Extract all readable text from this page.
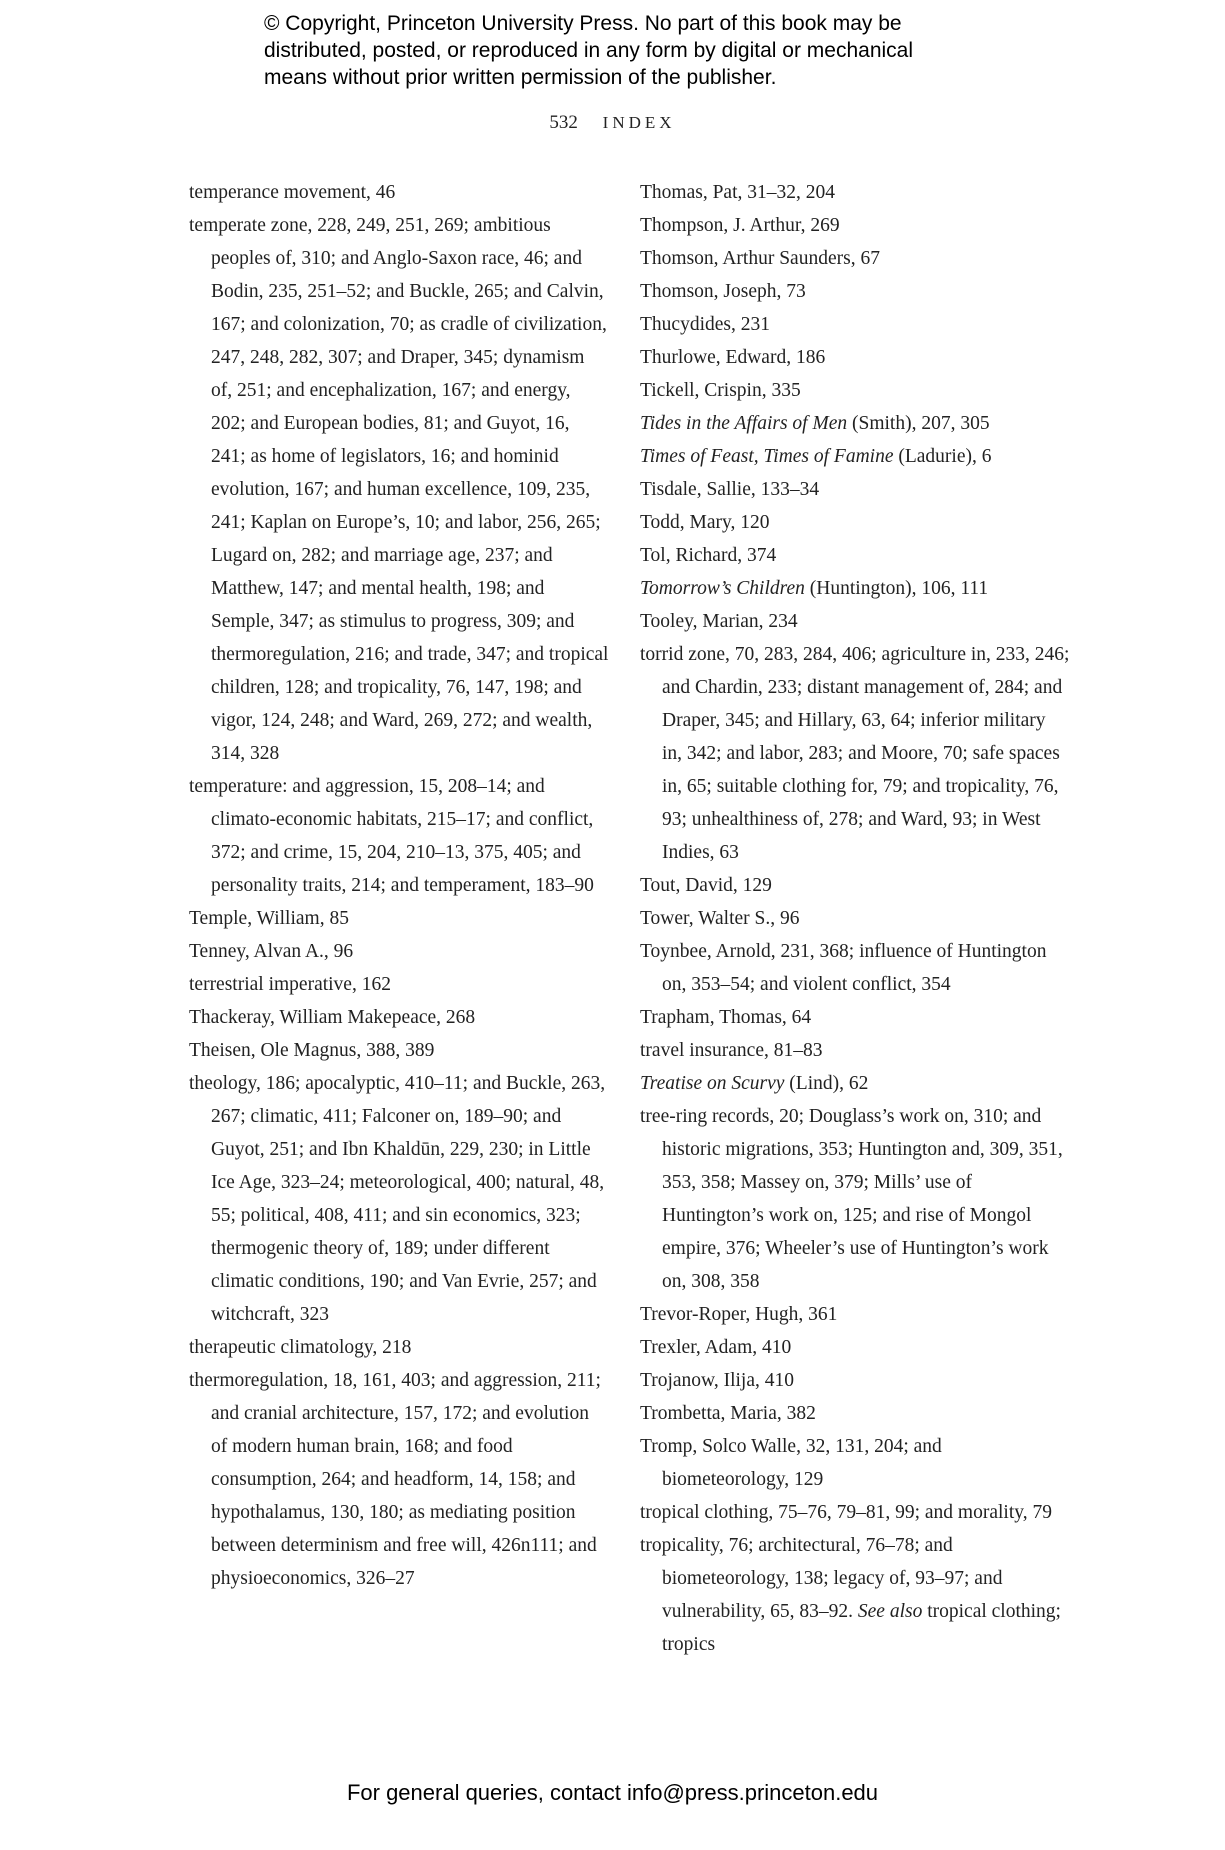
© Copyright, Princeton University Press. No part of this book may be
distributed, posted, or reproduced in any form by digital or mechanical
means without prior written permission of the publisher.
532 INDEX

temperance movement, 46

temperate zone, 228, 249, 251, 269; ambitious peoples of, 310; and Anglo-Saxon race, 46; and Bodin, 235, 251–52; and Buckle, 265; and Calvin, 167; and colonization, 70; as cradle of civilization, 247, 248, 282, 307; and Draper, 345; dynamism of, 251; and encephalization, 167; and energy, 202; and European bodies, 81; and Guyot, 16, 241; as home of legislators, 16; and hominid evolution, 167; and human excellence, 109, 235, 241; Kaplan on Europe’s, 10; and labor, 256, 265; Lugard on, 282; and marriage age, 237; and Matthew, 147; and mental health, 198; and Semple, 347; as stimulus to progress, 309; and thermoregulation, 216; and trade, 347; and tropical children, 128; and tropicality, 76, 147, 198; and vigor, 124, 248; and Ward, 269, 272; and wealth, 314, 328

temperature: and aggression, 15, 208–14; and climato-economic habitats, 215–17; and conflict, 372; and crime, 15, 204, 210–13, 375, 405; and personality traits, 214; and temperament, 183–90

Temple, William, 85

Tenney, Alvan A., 96

terrestrial imperative, 162

Thackeray, William Makepeace, 268

Theisen, Ole Magnus, 388, 389

theology, 186; apocalyptic, 410–11; and Buckle, 263, 267; climatic, 411; Falconer on, 189–90; and Guyot, 251; and Ibn Khaldūn, 229, 230; in Little Ice Age, 323–24; meteorological, 400; natural, 48, 55; political, 408, 411; and sin economics, 323; thermogenic theory of, 189; under different climatic conditions, 190; and Van Evrie, 257; and witchcraft, 323

therapeutic climatology, 218

thermoregulation, 18, 161, 403; and aggression, 211; and cranial architecture, 157, 172; and evolution of modern human brain, 168; and food consumption, 264; and headform, 14, 158; and hypothalamus, 130, 180; as mediating position between determinism and free will, 426n111; and physioeconomics, 326–27

Thomas, Pat, 31–32, 204

Thompson, J. Arthur, 269

Thomson, Arthur Saunders, 67

Thomson, Joseph, 73

Thucydides, 231

Thurlowe, Edward, 186

Tickell, Crispin, 335

Tides in the Affairs of Men (Smith), 207, 305

Times of Feast, Times of Famine (Ladurie), 6

Tisdale, Sallie, 133–34

Todd, Mary, 120

Tol, Richard, 374

Tomorrow’s Children (Huntington), 106, 111

Tooley, Marian, 234

torrid zone, 70, 283, 284, 406; agriculture in, 233, 246; and Chardin, 233; distant management of, 284; and Draper, 345; and Hillary, 63, 64; inferior military in, 342; and labor, 283; and Moore, 70; safe spaces in, 65; suitable clothing for, 79; and tropicality, 76, 93; unhealthiness of, 278; and Ward, 93; in West Indies, 63

Tout, David, 129

Tower, Walter S., 96

Toynbee, Arnold, 231, 368; influence of Huntington on, 353–54; and violent conflict, 354

Trapham, Thomas, 64

travel insurance, 81–83

Treatise on Scurvy (Lind), 62

tree-ring records, 20; Douglass’s work on, 310; and historic migrations, 353; Huntington and, 309, 351, 353, 358; Massey on, 379; Mills’ use of Huntington’s work on, 125; and rise of Mongol empire, 376; Wheeler’s use of Huntington’s work on, 308, 358

Trevor-Roper, Hugh, 361

Trexler, Adam, 410

Trojanow, Ilija, 410

Trombetta, Maria, 382

Tromp, Solco Walle, 32, 131, 204; and biometeorology, 129

tropical clothing, 75–76, 79–81, 99; and morality, 79

tropicality, 76; architectural, 76–78; and biometeorology, 138; legacy of, 93–97; and vulnerability, 65, 83–92. See also tropical clothing; tropics

For general queries, contact info@press.princeton.edu
